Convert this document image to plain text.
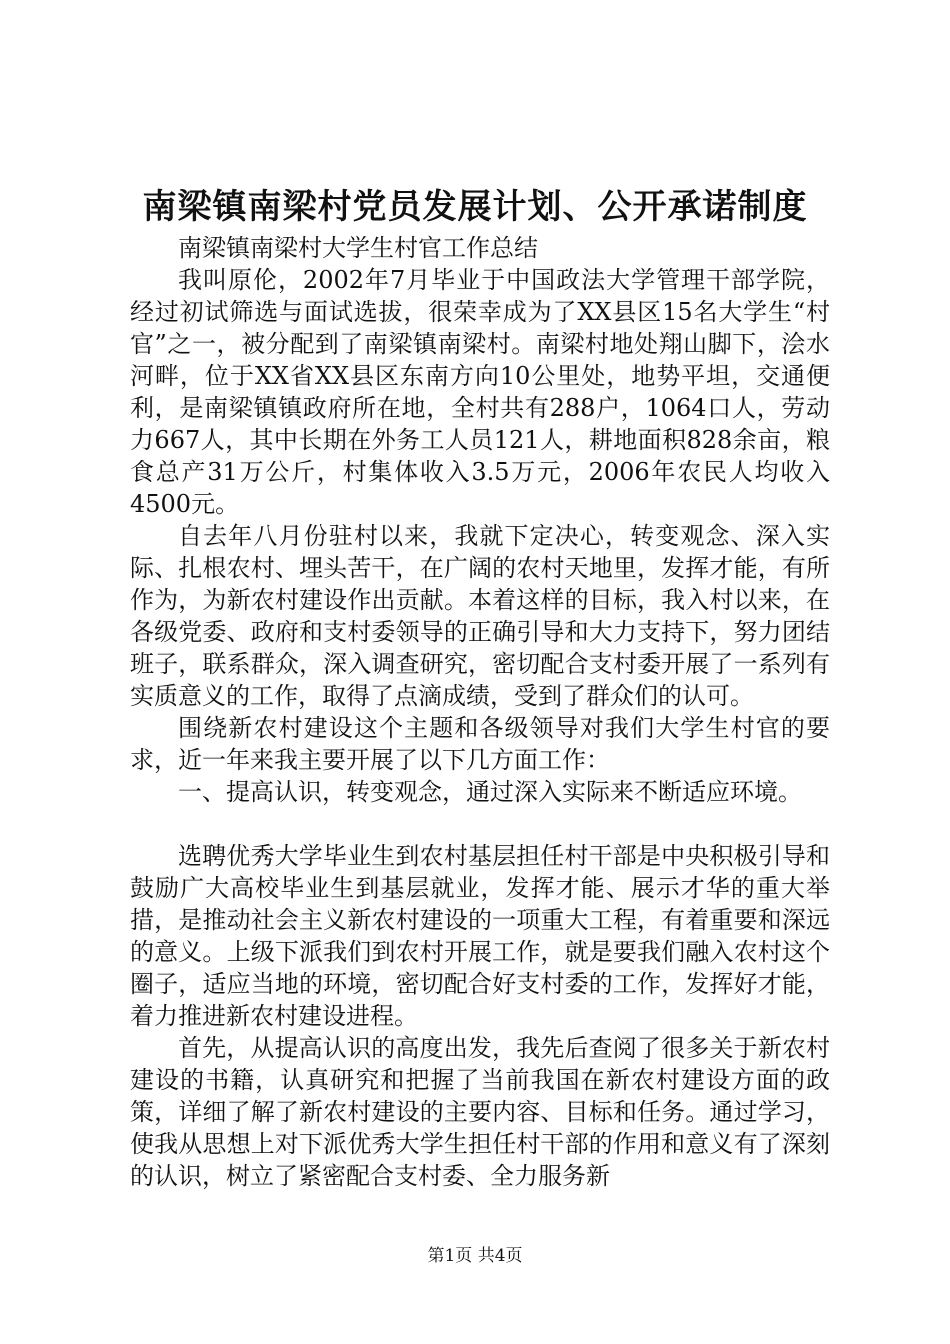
南梁镇南梁村党员发展计划、公开承诺制度

南梁镇南梁村大学生村官工作总结

我叫原伦，2002年7月毕业于中国政法大学管理干部学院，经过初试筛选与面试选拔，很荣幸成为了XX县区15名大学生“村官”之一，被分配到了南梁镇南梁村。南梁村地处翔山脚下，浍水河畔，位于XX省XX县区东南方向10公里处，地势平坦，交通便利，是南梁镇镇政府所在地，全村共有288户，1064口人，劳动力667人，其中长期在外务工人员121人，耕地面积828余亩，粮食总产31万公斤，村集体收入3.5万元，2006年农民人均收入4500元。

自去年八月份驻村以来，我就下定决心，转变观念、深入实际、扎根农村、埋头苦干，在广阔的农村天地里，发挥才能，有所作为，为新农村建设作出贡献。本着这样的目标，我入村以来，在各级党委、政府和支村委领导的正确引导和大力支持下，努力团结班子，联系群众，深入调查研究，密切配合支村委开展了一系列有实质意义的工作，取得了点滴成绩，受到了群众们的认可。

围绕新农村建设这个主题和各级领导对我们大学生村官的要求，近一年来我主要开展了以下几方面工作：

一、提高认识，转变观念，通过深入实际来不断适应环境。

选聘优秀大学毕业生到农村基层担任村干部是中央积极引导和鼓励广大高校毕业生到基层就业，发挥才能、展示才华的重大举措，是推动社会主义新农村建设的一项重大工程，有着重要和深远的意义。上级下派我们到农村开展工作，就是要我们融入农村这个圈子，适应当地的环境，密切配合好支村委的工作，发挥好才能，着力推进新农村建设进程。

首先，从提高认识的高度出发，我先后查阅了很多关于新农村建设的书籍，认真研究和把握了当前我国在新农村建设方面的政策，详细了解了新农村建设的主要内容、目标和任务。通过学习，使我从思想上对下派优秀大学生担任村干部的作用和意义有了深刻的认识，树立了紧密配合支村委、全力服务新

第1页 共4页
